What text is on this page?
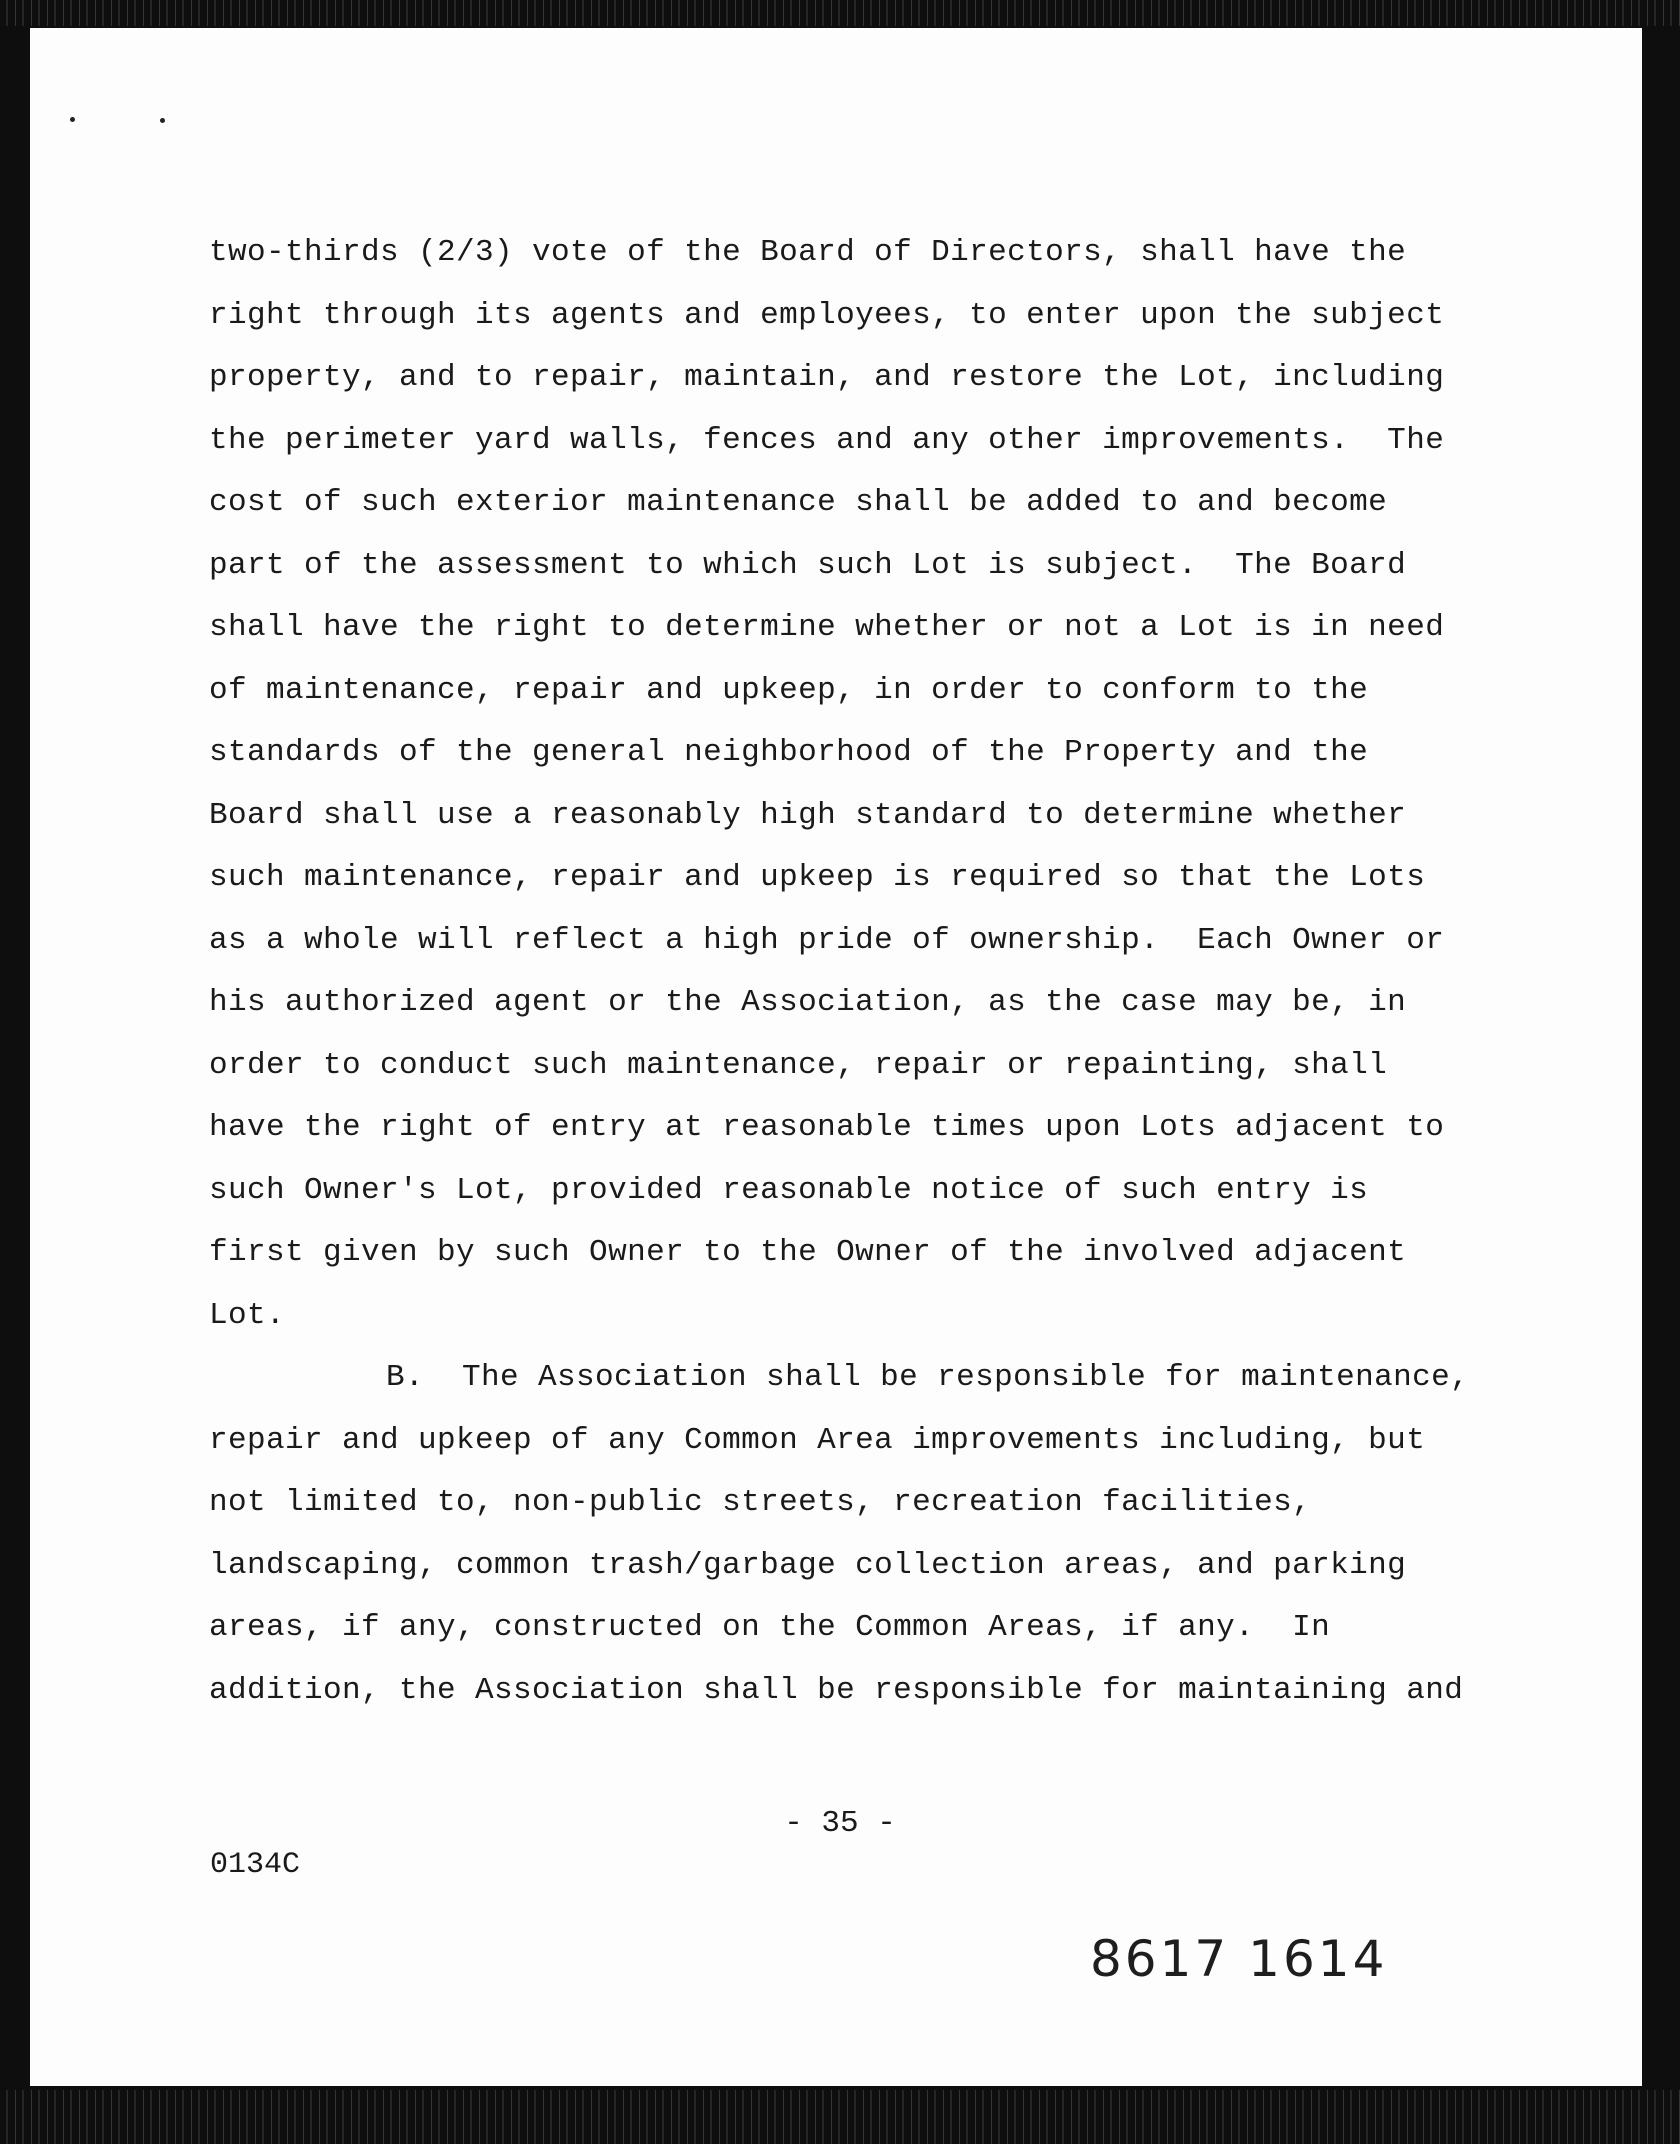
two-thirds (2/3) vote of the Board of Directors, shall have the
right through its agents and employees, to enter upon the subject
property, and to repair, maintain, and restore the Lot, including
the perimeter yard walls, fences and any other improvements.  The
cost of such exterior maintenance shall be added to and become
part of the assessment to which such Lot is subject.  The Board
shall have the right to determine whether or not a Lot is in need
of maintenance, repair and upkeep, in order to conform to the
standards of the general neighborhood of the Property and the
Board shall use a reasonably high standard to determine whether
such maintenance, repair and upkeep is required so that the Lots
as a whole will reflect a high pride of ownership.  Each Owner or
his authorized agent or the Association, as the case may be, in
order to conduct such maintenance, repair or repainting, shall
have the right of entry at reasonable times upon Lots adjacent to
such Owner's Lot, provided reasonable notice of such entry is
first given by such Owner to the Owner of the involved adjacent
Lot.
B.  The Association shall be responsible for maintenance,
repair and upkeep of any Common Area improvements including, but
not limited to, non-public streets, recreation facilities,
landscaping, common trash/garbage collection areas, and parking
areas, if any, constructed on the Common Areas, if any.  In
addition, the Association shall be responsible for maintaining and
- 35 -
0134C
8617 1614
